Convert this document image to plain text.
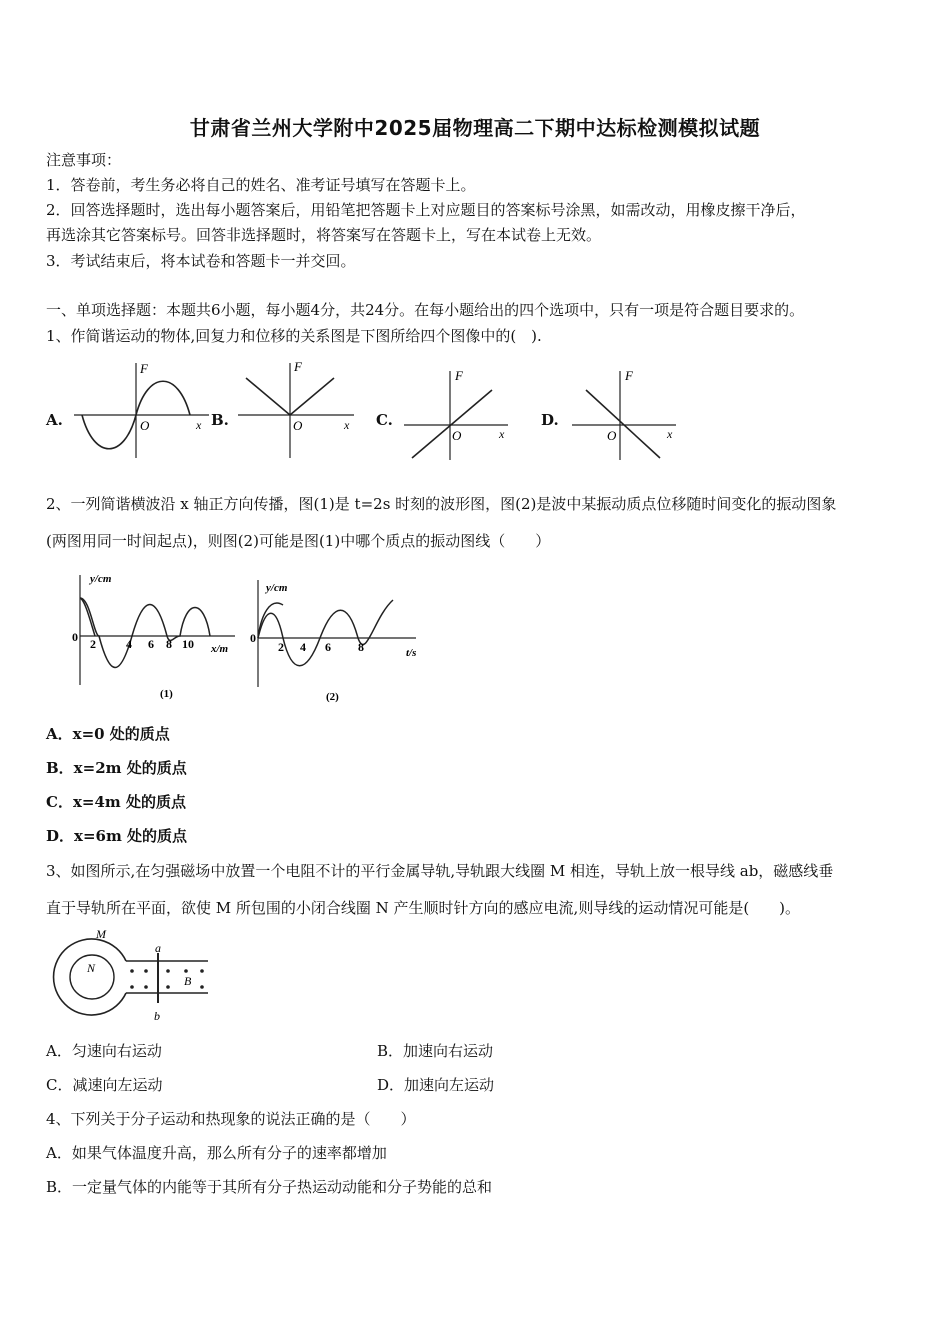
甘肃省兰州大学附中2025届物理高二下期中达标检测模拟试题
注意事项：
1．答卷前，考生务必将自己的姓名、准考证号填写在答题卡上。
2．回答选择题时，选出每小题答案后，用铅笔把答题卡上对应题目的答案标号涂黑，如需改动，用橡皮擦干净后，
再选涂其它答案标号。回答非选择题时，将答案写在答题卡上，写在本试卷上无效。
3．考试结束后，将本试卷和答题卡一并交回。
一、单项选择题：本题共6小题，每小题4分，共24分。在每小题给出的四个选项中，只有一项是符合题目要求的。
1、作简谐运动的物体,回复力和位移的关系图是下图所给四个图像中的(　).
A.	B.	C.	D.
F
O	x
F
O	x
F
O	x
F
O	x
2、一列简谐横波沿 x 轴正方向传播，图(1)是 t=2s 时刻的波形图，图(2)是波中某振动质点位移随时间变化的振动图象
(两图用同一时间起点)，则图(2)可能是图(1)中哪个质点的振动图线（　　）
y/cm
0 2	4 6 8 10 x/m
(1)
y/cm
0
2 4 6 8	t/s
(2)
A．x=0 处的质点
B．x=2m 处的质点
C．x=4m 处的质点
D．x=6m 处的质点
3、如图所示,在匀强磁场中放置一个电阻不计的平行金属导轨,导轨跟大线圈 M 相连，导轨上放一根导线 ab，磁感线垂
直于导轨所在平面，欲使 M 所包围的小闭合线圈 N 产生顺时针方向的感应电流,则导线的运动情况可能是(　　)。
M
N
a
b
B
A．匀速向右运动	B．加速向右运动
C．减速向左运动	D．加速向左运动
4、下列关于分子运动和热现象的说法正确的是（　　）
A．如果气体温度升高，那么所有分子的速率都增加
B．一定量气体的内能等于其所有分子热运动动能和分子势能的总和
